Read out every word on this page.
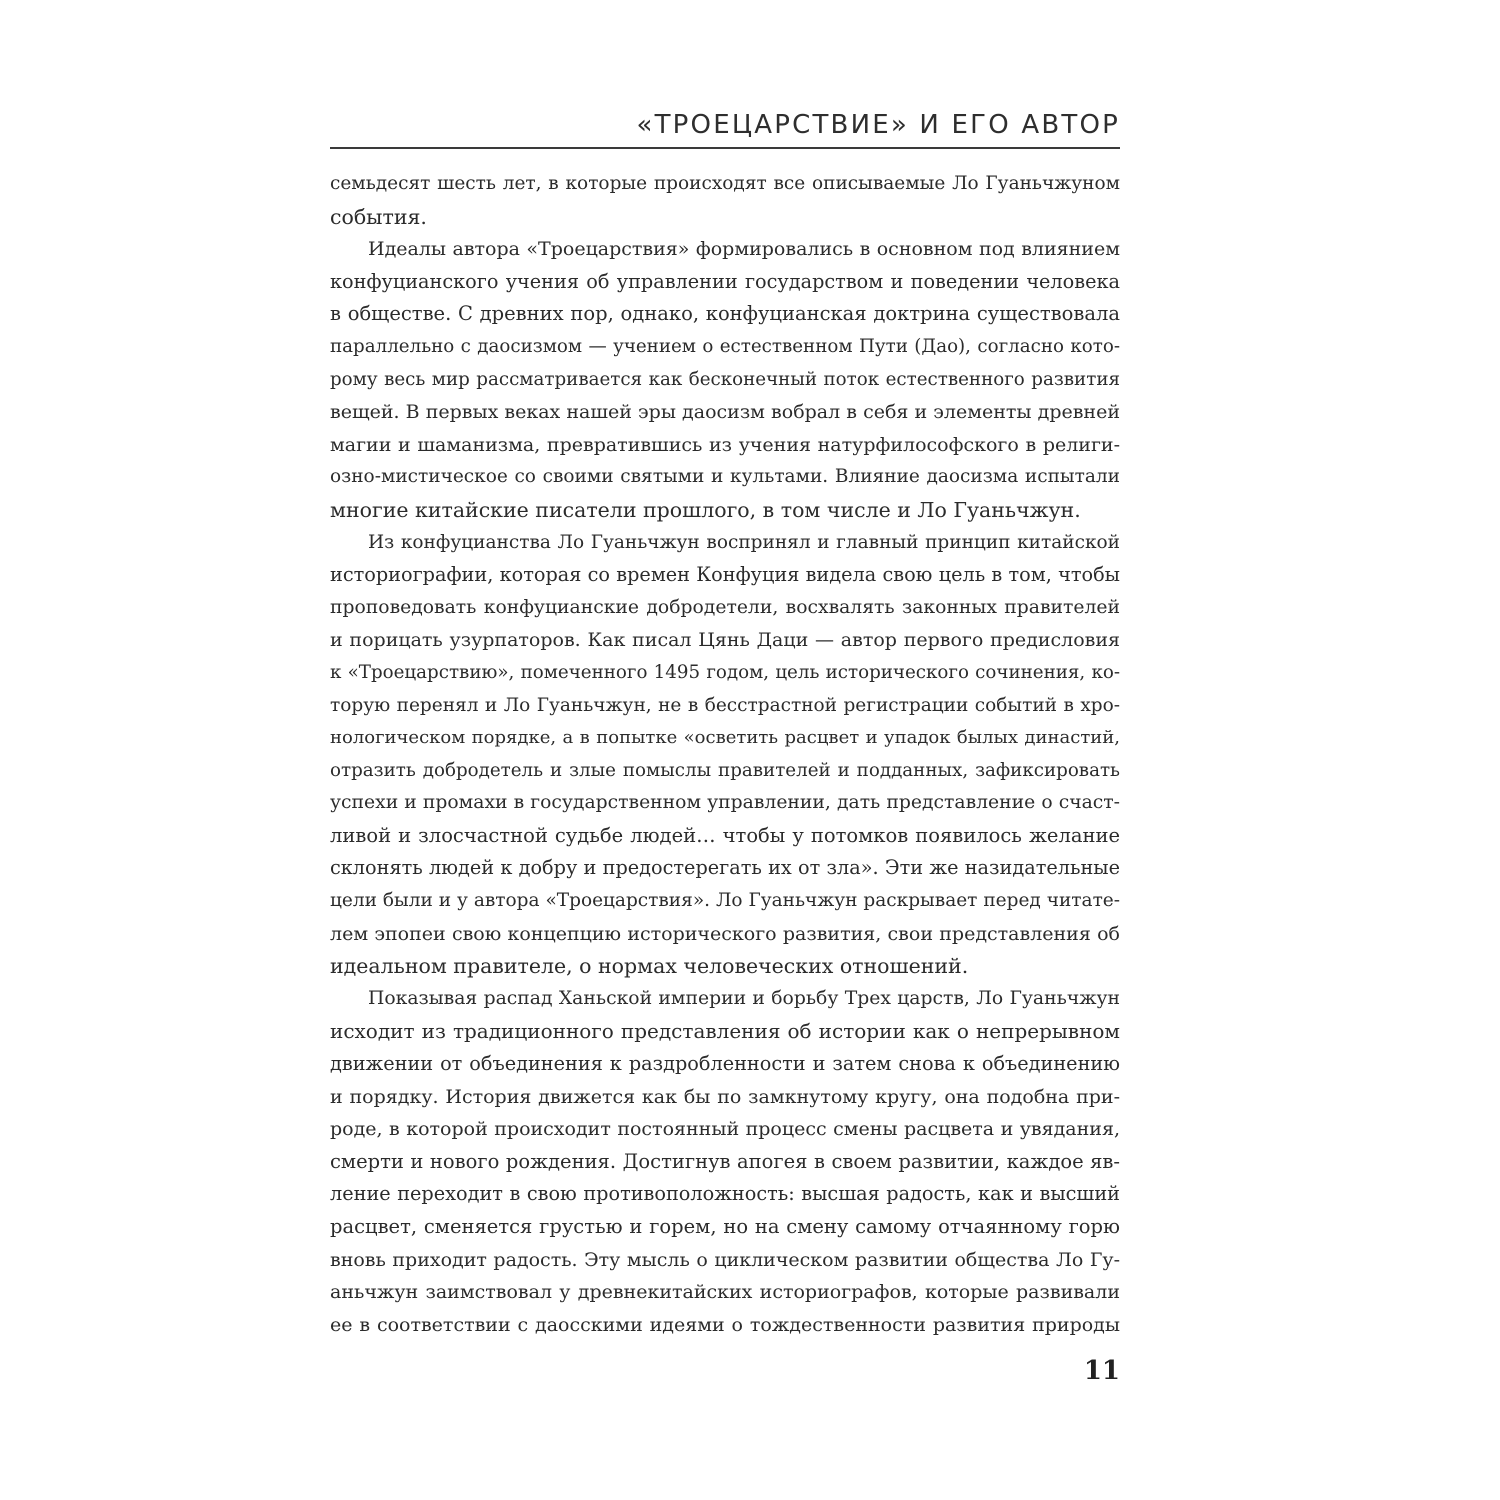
«ТРОЕЦАРСТВИЕ» И ЕГО АВТОР
семьдесят шесть лет, в которые происходят все описываемые Ло Гуаньчжуном
события.
Идеалы автора «Троецарствия» формировались в основном под влиянием
конфуцианского учения об управлении государством и поведении человека
в обществе. С древних пор, однако, конфуцианская доктрина существовала
параллельно с даосизмом — учением о естественном Пути (Дао), согласно кото-
рому весь мир рассматривается как бесконечный поток естественного развития
вещей. В первых веках нашей эры даосизм вобрал в себя и элементы древней
магии и шаманизма, превратившись из учения натурфилософского в религи-
озно-мистическое со своими святыми и культами. Влияние даосизма испытали
многие китайские писатели прошлого, в том числе и Ло Гуаньчжун.
Из конфуцианства Ло Гуаньчжун воспринял и главный принцип китайской
историографии, которая со времен Конфуция видела свою цель в том, чтобы
проповедовать конфуцианские добродетели, восхвалять законных правителей
и порицать узурпаторов. Как писал Цянь Даци — автор первого предисловия
к «Троецарствию», помеченного 1495 годом, цель исторического сочинения, ко-
торую перенял и Ло Гуаньчжун, не в бесстрастной регистрации событий в хро-
нологическом порядке, а в попытке «осветить расцвет и упадок былых династий,
отразить добродетель и злые помыслы правителей и подданных, зафиксировать
успехи и промахи в государственном управлении, дать представление о счаст-
ливой и злосчастной судьбе людей… чтобы у потомков появилось желание
склонять людей к добру и предостерегать их от зла». Эти же назидательные
цели были и у автора «Троецарствия». Ло Гуаньчжун раскрывает перед читате-
лем эпопеи свою концепцию исторического развития, свои представления об
идеальном правителе, о нормах человеческих отношений.
Показывая распад Ханьской империи и борьбу Трех царств, Ло Гуаньчжун
исходит из традиционного представления об истории как о непрерывном
движении от объединения к раздробленности и затем снова к объединению
и порядку. История движется как бы по замкнутому кругу, она подобна при-
роде, в которой происходит постоянный процесс смены расцвета и увядания,
смерти и нового рождения. Достигнув апогея в своем развитии, каждое яв-
ление переходит в свою противоположность: высшая радость, как и высший
расцвет, сменяется грустью и горем, но на смену самому отчаянному горю
вновь приходит радость. Эту мысль о циклическом развитии общества Ло Гу-
аньчжун заимствовал у древнекитайских историографов, которые развивали
ее в соответствии с даосскими идеями о тождественности развития природы
11
